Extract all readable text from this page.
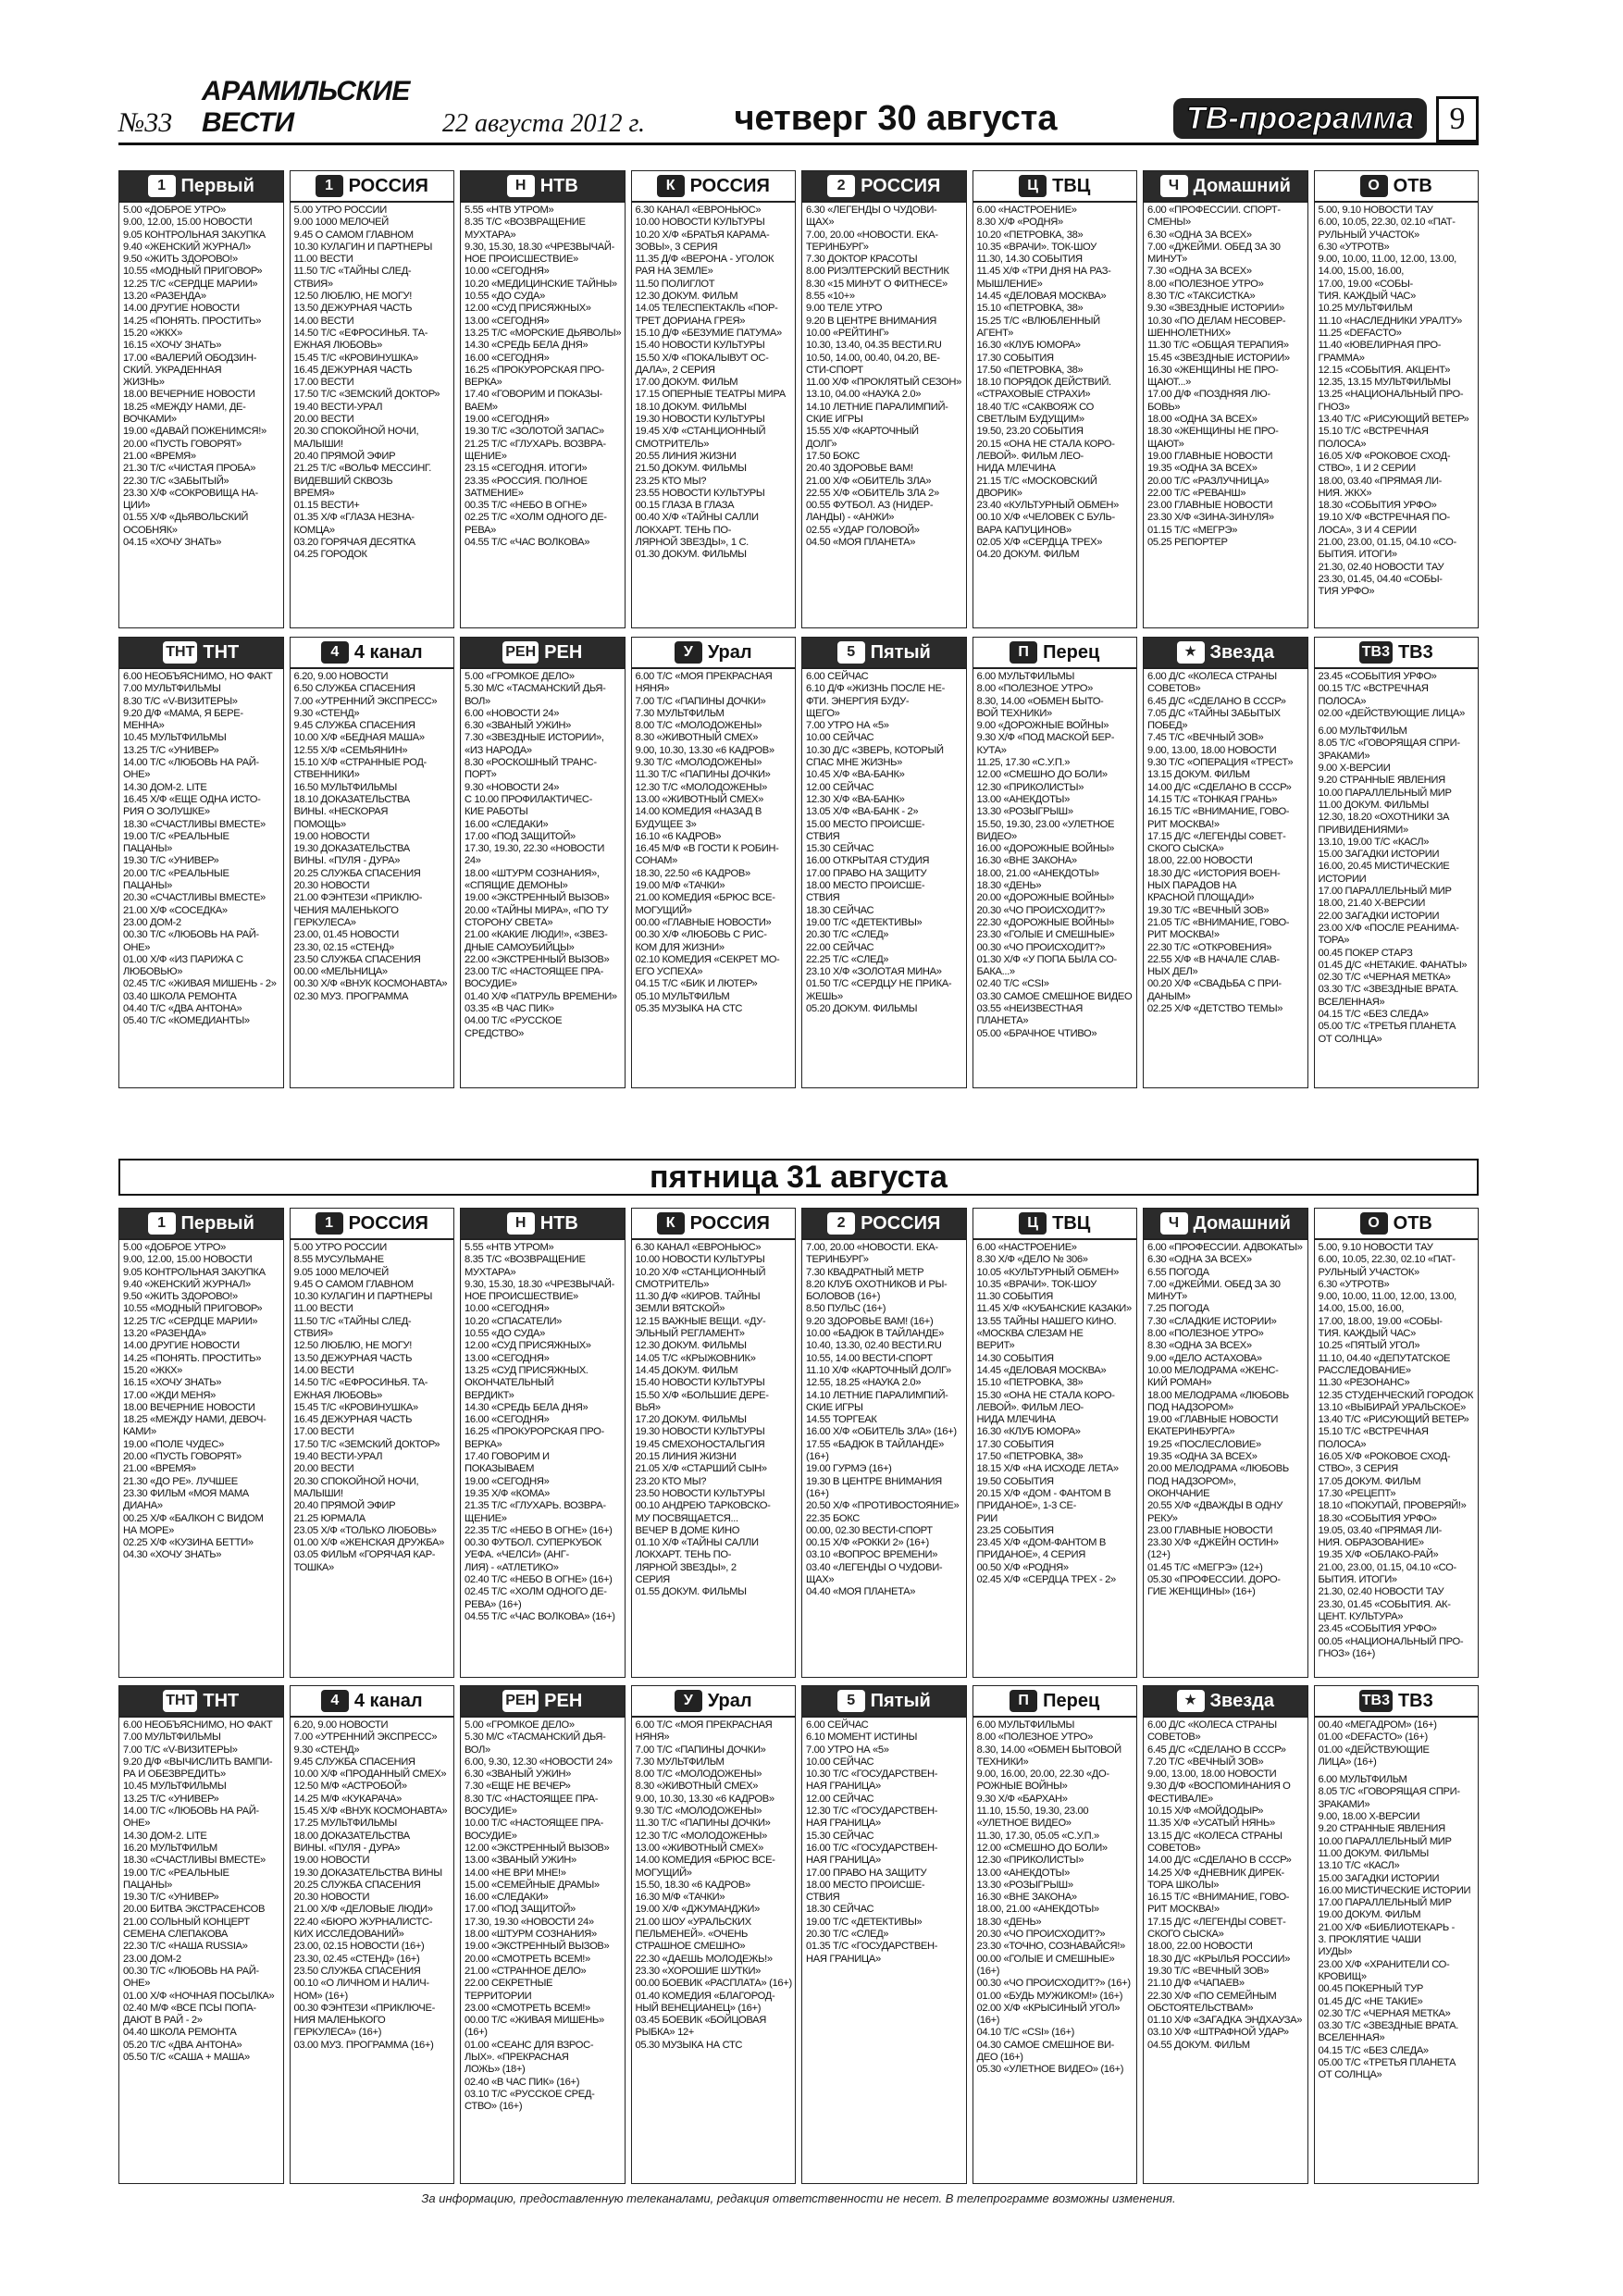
№33
АРАМИЛЬСКИЕ ВЕСТИ	22 августа 2012 г.	четверг 30 августа	ТВ-программа	9
1 Первый
5.00 «ДОБРОЕ УТРО»
9.00, 12.00, 15.00 НОВОСТИ
9.05 КОНТРОЛЬНАЯ ЗАКУПКА
9.40 «ЖЕНСКИЙ ЖУРНАЛ»
9.50 «ЖИТЬ ЗДОРОВО!»
10.55 «МОДНЫЙ ПРИГОВОР»
12.25 Т/С «СЕРДЦЕ МАРИИ»
13.20 «РАЗЕНДА»
14.00 ДРУГИЕ НОВОСТИ
14.25 «ПОНЯТЬ. ПРОСТИТЬ»
15.20 «ЖКХ»
16.15 «ХОЧУ ЗНАТЬ»
17.00 «ВАЛЕРИЙ ОБОДЗИН-
СКИЙ. УКРАДЕННАЯ
ЖИЗНЬ»
18.00 ВЕЧЕРНИЕ НОВОСТИ
18.25 «МЕЖДУ НАМИ, ДЕ-
ВОЧКАМИ»
19.00 «ДАВАЙ ПОЖЕНИМСЯ!»
20.00 «ПУСТЬ ГОВОРЯТ»
21.00 «ВРЕМЯ»
21.30 Т/С «ЧИСТАЯ ПРОБА»
22.30 Т/С «ЗАБЫТЫЙ»
23.30 Х/Ф «СОКРОВИЩА НА-
ЦИИ»
01.55 Х/Ф «ДЬЯВОЛЬСКИЙ
ОСОБНЯК»
04.15 «ХОЧУ ЗНАТЬ»
1 РОССИЯ
5.00 УТРО РОССИИ
9.00 1000 МЕЛОЧЕЙ
9.45 О САМОМ ГЛАВНОМ
10.30 КУЛАГИН И ПАРТНЕРЫ
11.00 ВЕСТИ
11.50 Т/С «ТАЙНЫ СЛЕД-
СТВИЯ»
12.50 ЛЮБЛЮ, НЕ МОГУ!
13.50 ДЕЖУРНАЯ ЧАСТЬ
14.00 ВЕСТИ
14.50 Т/С «ЕФРОСИНЬЯ. ТА-
ЕЖНАЯ ЛЮБОВЬ»
15.45 Т/С «КРОВИНУШКА»
16.45 ДЕЖУРНАЯ ЧАСТЬ
17.00 ВЕСТИ
17.50 Т/С «ЗЕМСКИЙ ДОКТОР»
19.40 ВЕСТИ-УРАЛ
20.00 ВЕСТИ
20.30 СПОКОЙНОЙ НОЧИ,
МАЛЫШИ!
20.40 ПРЯМОЙ ЭФИР
21.25 Т/С «ВОЛЬФ МЕССИНГ.
ВИДЕВШИЙ СКВОЗЬ
ВРЕМЯ»
01.15 ВЕСТИ+
01.35 Х/Ф «ГЛАЗА НЕЗНА-
КОМЦА»
03.20 ГОРЯЧАЯ ДЕСЯТКА
04.25 ГОРОДОК
Н НТВ
5.55 «НТВ УТРОМ»
8.35 Т/С «ВОЗВРАЩЕНИЕ
МУХТАРА»
9.30, 15.30, 18.30 «ЧРЕЗВЫЧАЙ-
НОЕ ПРОИСШЕСТВИЕ»
10.00 «СЕГОДНЯ»
10.20 «МЕДИЦИНСКИЕ ТАЙНЫ»
10.55 «ДО СУДА»
12.00 «СУД ПРИСЯЖНЫХ»
13.00 «СЕГОДНЯ»
13.25 Т/С «МОРСКИЕ ДЬЯВОЛЫ»
14.30 «СРЕДЬ БЕЛА ДНЯ»
16.00 «СЕГОДНЯ»
16.25 «ПРОКУРОРСКАЯ ПРО-
ВЕРКА»
17.40 «ГОВОРИМ И ПОКАЗЫ-
ВАЕМ»
19.00 «СЕГОДНЯ»
19.30 Т/С «ЗОЛОТОЙ ЗАПАС»
21.25 Т/С «ГЛУХАРЬ. ВОЗВРА-
ЩЕНИЕ»
23.15 «СЕГОДНЯ. ИТОГИ»
23.35 «РОССИЯ. ПОЛНОЕ
ЗАТМЕНИЕ»
00.35 Т/С «НЕБО В ОГНЕ»
02.25 Т/С «ХОЛМ ОДНОГО ДЕ-
РЕВА»
04.55 Т/С «ЧАС ВОЛКОВА»
К РОССИЯ
6.30 КАНАЛ «ЕВРОНЬЮС»
10.00 НОВОСТИ КУЛЬТУРЫ
10.20 Х/Ф «БРАТЬЯ КАРАМА-
ЗОВЫ», 3 СЕРИЯ
11.35 Д/Ф «ВЕРОНА - УГОЛОК
РАЯ НА ЗЕМЛЕ»
11.50 ПОЛИГЛОТ
12.30 ДОКУМ. ФИЛЬМ
14.05 ТЕЛЕСПЕКТАКЛЬ «ПОР-
ТРЕТ ДОРИАНА ГРЕЯ»
15.10 Д/Ф «БЕЗУМИЕ ПАТУМА»
15.40 НОВОСТИ КУЛЬТУРЫ
15.50 Х/Ф «ПОКАЛЫВУТ ОС-
ДАЛА», 2 СЕРИЯ
17.00 ДОКУМ. ФИЛЬМ
17.15 ОПЕРНЫЕ ТЕАТРЫ МИРА
18.10 ДОКУМ. ФИЛЬМЫ
19.30 НОВОСТИ КУЛЬТУРЫ
19.45 Х/Ф «СТАНЦИОННЫЙ
СМОТРИТЕЛЬ»
20.55 ЛИНИЯ ЖИЗНИ
21.50 ДОКУМ. ФИЛЬМЫ
23.25 КТО МЫ?
23.55 НОВОСТИ КУЛЬТУРЫ
00.15 ГЛАЗА В ГЛАЗА
00.40 Х/Ф «ТАЙНЫ САЛЛИ
ЛОКХАРТ. ТЕНЬ ПО-
ЛЯРНОЙ ЗВЕЗДЫ», 1 С.
01.30 ДОКУМ. ФИЛЬМЫ
2 РОССИЯ
6.30 «ЛЕГЕНДЫ О ЧУДОВИ-
ЩАХ»
7.00, 20.00 «НОВОСТИ. ЕКА-
ТЕРИНБУРГ»
7.30 ДОКТОР КРАСОТЫ
8.00 РИЭЛТЕРСКИЙ ВЕСТНИК
8.30 «15 МИНУТ О ФИТНЕСЕ»
8.55 «10+»
9.00 ТЕЛЕ УТРО
9.20 В ЦЕНТРЕ ВНИМАНИЯ
10.00 «РЕЙТИНГ»
10.30, 13.40, 04.35 ВЕСТИ.RU
10.50, 14.00, 00.40, 04.20, ВЕ-
СТИ-СПОРТ
11.00 Х/Ф «ПРОКЛЯТЫЙ СЕЗОН»
13.10, 04.00 «НАУКА 2.0»
14.10 ЛЕТНИЕ ПАРАЛИМПИЙ-
СКИЕ ИГРЫ
15.55 Х/Ф «КАРТОЧНЫЙ
ДОЛГ»
17.50 БОКС
20.40 ЗДОРОВЬЕ ВАМ!
21.00 Х/Ф «ОБИТЕЛЬ ЗЛА»
22.55 Х/Ф «ОБИТЕЛЬ ЗЛА 2»
00.55 ФУТБОЛ. АЗ (НИДЕР-
ЛАНДЫ) - «АНЖИ»
02.55 «УДАР ГОЛОВОЙ»
04.50 «МОЯ ПЛАНЕТА»
Ц ТВЦ
6.00 «НАСТРОЕНИЕ»
8.30 Х/Ф «РОДНЯ»
10.20 «ПЕТРОВКА, 38»
10.35 «ВРАЧИ». ТОК-ШОУ
11.30, 14.30 СОБЫТИЯ
11.45 Х/Ф «ТРИ ДНЯ НА РАЗ-
МЫШЛЕНИЕ»
14.45 «ДЕЛОВАЯ МОСКВА»
15.10 «ПЕТРОВКА, 38»
15.25 Т/С «ВЛЮБЛЕННЫЙ
АГЕНТ»
16.30 «КЛУБ ЮМОРА»
17.30 СОБЫТИЯ
17.50 «ПЕТРОВКА, 38»
18.10 ПОРЯДОК ДЕЙСТВИЙ.
«СТРАХОВЫЕ СТРАХИ»
18.40 Т/С «САКВОЯЖ СО
СВЕТЛЫМ БУДУЩИМ»
19.50, 23.20 СОБЫТИЯ
20.15 «ОНА НЕ СТАЛА КОРО-
ЛЕВОЙ». ФИЛЬМ ЛЕО-
НИДА МЛЕЧИНА
21.15 Т/С «МОСКОВСКИЙ
ДВОРИК»
23.40 «КУЛЬТУРНЫЙ ОБМЕН»
00.10 Х/Ф «ЧЕЛОВЕК С БУЛЬ-
ВАРА КАПУЦИНОВ»
02.05 Х/Ф «СЕРДЦА ТРЕХ»
04.20 ДОКУМ. ФИЛЬМ
Ч Домашний
6.00 «ПРОФЕССИИ. СПОРТ-
СМЕНЫ»
6.30 «ОДНА ЗА ВСЕХ»
7.00 «ДЖЕЙМИ. ОБЕД ЗА 30
МИНУТ»
7.30 «ОДНА ЗА ВСЕХ»
8.00 «ПОЛЕЗНОЕ УТРО»
8.30 Т/С «ТАКСИСТКА»
9.30 «ЗВЕЗДНЫЕ ИСТОРИИ»
10.30 «ПО ДЕЛАМ НЕСОВЕР-
ШЕННОЛЕТНИХ»
11.30 Т/С «ОБЩАЯ ТЕРАПИЯ»
15.45 «ЗВЕЗДНЫЕ ИСТОРИИ»
16.30 «ЖЕНЩИНЫ НЕ ПРО-
ЩАЮТ...»
17.00 Д/Ф «ПОЗДНЯЯ ЛЮ-
БОВЬ»
18.00 «ОДНА ЗА ВСЕХ»
18.30 «ЖЕНЩИНЫ НЕ ПРО-
ЩАЮТ»
19.00 ГЛАВНЫЕ НОВОСТИ
19.35 «ОДНА ЗА ВСЕХ»
20.00 Т/С «РАЗЛУЧНИЦА»
22.00 Т/С «РЕВАНШ»
23.00 ГЛАВНЫЕ НОВОСТИ
23.30 Х/Ф «ЗИНА-ЗИНУЛЯ»
01.15 Т/С «МЕГРЭ»
05.25 РЕПОРТЕР
О ОТВ
5.00, 9.10 НОВОСТИ ТАУ
6.00, 10.05, 22.30, 02.10 «ПАТ-
РУЛЬНЫЙ УЧАСТОК»
6.30 «УТРОТВ»
9.00, 10.00, 11.00, 12.00, 13.00,
14.00, 15.00, 16.00,
17.00, 19.00 «СОБЫ-
ТИЯ. КАЖДЫЙ ЧАС»
10.25 МУЛЬТФИЛЬМ
11.10 «НАСЛЕДНИКИ УРАЛТУ»
11.25 «DEFACTO»
11.40 «ЮВЕЛИРНАЯ ПРО-
ГРАММА»
12.15 «СОБЫТИЯ. АКЦЕНТ»
12.35, 13.15 МУЛЬТФИЛЬМЫ
13.25 «НАЦИОНАЛЬНЫЙ ПРО-
ГНОЗ»
13.40 Т/С «РИСУЮЩИЙ ВЕТЕР»
15.10 Т/С «ВСТРЕЧНАЯ ПОЛОСА»
16.05 Х/Ф «РОКОВОЕ СХОД-
СТВО», 1 И 2 СЕРИИ
18.00, 03.40 «ПРЯМАЯ ЛИ-
НИЯ. ЖКХ»
18.30 «СОБЫТИЯ УРФО»
19.10 Х/Ф «ВСТРЕЧНАЯ ПО-
ЛОСА», 3 И 4 СЕРИИ
21.00, 23.00, 01.15, 04.10 «СО-
БЫТИЯ. ИТОГИ»
21.30, 02.40 НОВОСТИ ТАУ
23.30, 01.45, 04.40 «СОБЫ-
ТИЯ УРФО»
ТНТ ТНТ
6.00 НЕОБЪЯСНИМО, НО ФАКТ
7.00 МУЛЬТФИЛЬМЫ
8.30 Т/С «V-ВИЗИТЕРЫ»
9.20 Д/Ф «МАМА, Я БЕРЕ-
МЕННА»
10.45 МУЛЬТФИЛЬМЫ
13.25 Т/С «УНИВЕР»
14.00 Т/С «ЛЮБОВЬ НА РАЙ-
ОНЕ»
14.30 ДОМ-2. LITE
16.45 Х/Ф «ЕЩЕ ОДНА ИСТО-
РИЯ О ЗОЛУШКЕ»
18.30 «СЧАСТЛИВЫ ВМЕСТЕ»
19.00 Т/С «РЕАЛЬНЫЕ ПАЦАНЫ»
19.30 Т/С «УНИВЕР»
20.00 Т/С «РЕАЛЬНЫЕ ПАЦАНЫ»
20.30 «СЧАСТЛИВЫ ВМЕСТЕ»
21.00 Х/Ф «СОСЕДКА»
23.00 ДОМ-2
00.30 Т/С «ЛЮБОВЬ НА РАЙ-
ОНЕ»
01.00 Х/Ф «ИЗ ПАРИЖА С
ЛЮБОВЬЮ»
02.45 Т/С «ЖИВАЯ МИШЕНЬ - 2»
03.40 ШКОЛА РЕМОНТА
04.40 Т/С «ДВА АНТОНА»
05.40 Т/С «КОМЕДИАНТЫ»
4 4 канал
6.20, 9.00 НОВОСТИ
6.50 СЛУЖБА СПАСЕНИЯ
7.00 «УТРЕННИЙ ЭКСПРЕСС»
9.30 «СТЕНД»
9.45 СЛУЖБА СПАСЕНИЯ
10.00 Х/Ф «БЕДНАЯ МАША»
12.55 Х/Ф «СЕМЬЯНИН»
15.10 Х/Ф «СТРАННЫЕ РОД-
СТВЕННИКИ»
16.50 МУЛЬТФИЛЬМЫ
18.10 ДОКАЗАТЕЛЬСТВА
ВИНЫ. «НЕСКОРАЯ
ПОМОЩЬ»
19.00 НОВОСТИ
19.30 ДОКАЗАТЕЛЬСТВА
ВИНЫ. «ПУЛЯ - ДУРА»
20.25 СЛУЖБА СПАСЕНИЯ
20.30 НОВОСТИ
21.00 ФЭНТЕЗИ «ПРИКЛЮ-
ЧЕНИЯ МАЛЕНЬКОГО
ГЕРКУЛЕСА»
23.00, 01.45 НОВОСТИ
23.30, 02.15 «СТЕНД»
23.50 СЛУЖБА СПАСЕНИЯ
00.00 «МЕЛЬНИЦА»
00.30 Х/Ф «ВНУК КОСМОНАВТА»
02.30 МУЗ. ПРОГРАММА
РЕН РЕН
5.00 «ГРОМКОЕ ДЕЛО»
5.30 М/С «ТАСМАНСКИЙ ДЬЯ-
ВОЛ»
6.00 «НОВОСТИ 24»
6.30 «ЗВАНЫЙ УЖИН»
7.30 «ЗВЕЗДНЫЕ ИСТОРИИ»,
«ИЗ НАРОДА»
8.30 «РОСКОШНЫЙ ТРАНС-
ПОРТ»
9.30 «НОВОСТИ 24»
C 10.00 ПРОФИЛАКТИЧЕС-
КИЕ РАБОТЫ
16.00 «СЛЕДАКИ»
17.00 «ПОД ЗАЩИТОЙ»
17.30, 19.30, 22.30 «НОВОСТИ 24»
18.00 «ШТУРМ СОЗНАНИЯ»,
«СПЯЩИЕ ДЕМОНЫ»
19.00 «ЭКСТРЕННЫЙ ВЫЗОВ»
20.00 «ТАЙНЫ МИРА», «ПО ТУ
СТОРОНУ СВЕТА»
21.00 «КАКИЕ ЛЮДИ!», «ЗВЕЗ-
ДНЫЕ САМОУБИЙЦЫ»
22.00 «ЭКСТРЕННЫЙ ВЫЗОВ»
23.00 Т/С «НАСТОЯЩЕЕ ПРА-
ВОСУДИЕ»
01.40 Х/Ф «ПАТРУЛЬ ВРЕМЕНИ»
03.35 «В ЧАС ПИК»
04.00 Т/С «РУССКОЕ СРЕДСТВО»
У Урал
6.00 Т/С «МОЯ ПРЕКРАСНАЯ
НЯНЯ»
7.00 Т/С «ПАПИНЫ ДОЧКИ»
7.30 МУЛЬТФИЛЬМ
8.00 Т/С «МОЛОДОЖЕНЫ»
8.30 «ЖИВОТНЫЙ СМЕХ»
9.00, 10.30, 13.30 «6 КАДРОВ»
9.30 Т/С «МОЛОДОЖЕНЫ»
11.30 Т/С «ПАПИНЫ ДОЧКИ»
12.30 Т/С «МОЛОДОЖЕНЫ»
13.00 «ЖИВОТНЫЙ СМЕХ»
14.00 КОМЕДИЯ «НАЗАД В
БУДУЩЕЕ 3»
16.10 «6 КАДРОВ»
16.45 М/Ф «В ГОСТИ К РОБИН-
СОНАМ»
18.30, 22.50 «6 КАДРОВ»
19.00 М/Ф «ТАЧКИ»
21.00 КОМЕДИЯ «БРЮС ВСЕ-
МОГУЩИЙ»
00.00 «ГЛАВНЫЕ НОВОСТИ»
00.30 Х/Ф «ЛЮБОВЬ С РИС-
КОМ ДЛЯ ЖИЗНИ»
02.10 КОМЕДИЯ «СЕКРЕТ МО-
ЕГО УСПЕХА»
04.15 Т/С «БИК И ЛЮТЕР»
05.10 МУЛЬТФИЛЬМ
05.35 МУЗЫКА НА СТС
5 Пятый
6.00 СЕЙЧАС
6.10 Д/Ф «ЖИЗНЬ ПОСЛЕ НЕ-
ФТИ. ЭНЕРГИЯ БУДУ-
ЩЕГО»
7.00 УТРО НА «5»
10.00 СЕЙЧАС
10.30 Д/С «ЗВЕРЬ, КОТОРЫЙ
СПАС МНЕ ЖИЗНЬ»
10.45 Х/Ф «ВА-БАНК»
12.00 СЕЙЧАС
12.30 Х/Ф «ВА-БАНК»
13.05 Х/Ф «ВА-БАНК - 2»
15.00 МЕСТО ПРОИСШЕ-
СТВИЯ
15.30 СЕЙЧАС
16.00 ОТКРЫТАЯ СТУДИЯ
17.00 ПРАВО НА ЗАЩИТУ
18.00 МЕСТО ПРОИСШЕ-
СТВИЯ
18.30 СЕЙЧАС
19.00 Т/С «ДЕТЕКТИВЫ»
20.30 Т/С «СЛЕД»
22.00 СЕЙЧАС
22.25 Т/С «СЛЕД»
23.10 Х/Ф «ЗОЛОТАЯ МИНА»
01.50 Т/С «СЕРДЦУ НЕ ПРИКА-
ЖЕШЬ»
05.20 ДОКУМ. ФИЛЬМЫ
П Перец
6.00 МУЛЬТФИЛЬМЫ
8.00 «ПОЛЕЗНОЕ УТРО»
8.30, 14.00 «ОБМЕН БЫТО-
ВОЙ ТЕХНИКИ»
9.00 «ДОРОЖНЫЕ ВОЙНЫ»
9.30 Х/Ф «ПОД МАСКОЙ БЕР-
КУТА»
11.25, 17.30 «С.У.П.»
12.00 «СМЕШНО ДО БОЛИ»
12.30 «ПРИКОЛИСТЫ»
13.00 «АНЕКДОТЫ»
13.30 «РОЗЫГРЫШ»
15.50, 19.30, 23.00 «УЛЕТНОЕ
ВИДЕО»
16.00 «ДОРОЖНЫЕ ВОЙНЫ»
16.30 «ВНЕ ЗАКОНА»
18.00, 21.00 «АНЕКДОТЫ»
18.30 «ДЕНЬ»
20.00 «ДОРОЖНЫЕ ВОЙНЫ»
20.30 «ЧО ПРОИСХОДИТ?»
22.30 «ДОРОЖНЫЕ ВОЙНЫ»
23.30 «ГОЛЫЕ И СМЕШНЫЕ»
00.30 «ЧО ПРОИСХОДИТ?»
01.30 Х/Ф «У ПОПА БЫЛА СО-
БАКА...»
02.40 Т/С «CSI»
03.30 САМОЕ СМЕШНОЕ ВИДЕО
03.55 «НЕИЗВЕСТНАЯ ПЛАНЕТА»
05.00 «БРАЧНОЕ ЧТИВО»
★ Звезда
6.00 Д/С «КОЛЕСА СТРАНЫ
СОВЕТОВ»
6.45 Д/С «СДЕЛАНО В СССР»
7.05 Д/С «ТАЙНЫ ЗАБЫТЫХ
ПОБЕД»
7.45 Т/С «ВЕЧНЫЙ ЗОВ»
9.00, 13.00, 18.00 НОВОСТИ
9.30 Т/С «ОПЕРАЦИЯ «ТРЕСТ»
13.15 ДОКУМ. ФИЛЬМ
14.00 Д/С «СДЕЛАНО В СССР»
14.15 Т/С «ТОНКАЯ ГРАНЬ»
16.15 Т/С «ВНИМАНИЕ, ГОВО-
РИТ МОСКВА!»
17.15 Д/С «ЛЕГЕНДЫ СОВЕТ-
СКОГО СЫСКА»
18.00, 22.00 НОВОСТИ
18.30 Д/С «ИСТОРИЯ ВОЕН-
НЫХ ПАРАДОВ НА
КРАСНОЙ ПЛОЩАДИ»
19.30 Т/С «ВЕЧНЫЙ ЗОВ»
21.05 Т/С «ВНИМАНИЕ, ГОВО-
РИТ МОСКВА!»
22.30 Т/С «ОТКРОВЕНИЯ»
22.55 Х/Ф «В НАЧАЛЕ СЛАВ-
НЫХ ДЕЛ»
00.20 Х/Ф «СВАДЬБА С ПРИ-
ДАНЫМ»
02.25 Х/Ф «ДЕТСТВО ТЕМЫ»
ТВ3 ТВ3
23.45 «СОБЫТИЯ УРФО»
00.15 Т/С «ВСТРЕЧНАЯ ПОЛОСА»
02.00 «ДЕЙСТВУЮЩИЕ ЛИЦА»
6.00 МУЛЬТФИЛЬМ
8.05 Т/С «ГОВОРЯЩАЯ СПРИ-
ЗРАКАМИ»
9.00 Х-ВЕРСИИ
9.20 СТРАННЫЕ ЯВЛЕНИЯ
10.00 ПАРАЛЛЕЛЬНЫЙ МИР
11.00 ДОКУМ. ФИЛЬМЫ
12.30, 18.20 «ОХОТНИКИ ЗА
ПРИВИДЕНИЯМИ»
13.10, 19.00 Т/С «КАСЛ»
15.00 ЗАГАДКИ ИСТОРИИ
16.00, 20.45 МИСТИЧЕСКИЕ
ИСТОРИИ
17.00 ПАРАЛЛЕЛЬНЫЙ МИР
18.00, 21.40 Х-ВЕРСИИ
22.00 ЗАГАДКИ ИСТОРИИ
23.00 Х/Ф «ПОСЛЕ РЕАНИМА-
ТОРА»
00.45 ПОКЕР СТАРЗ
01.45 Д/С «НЕТАКИЕ. ФАНАТЫ»
02.30 Т/С «ЧЕРНАЯ МЕТКА»
03.30 Т/С «ЗВЕЗДНЫЕ ВРАТА.
ВСЕЛЕННАЯ»
04.15 Т/С «БЕЗ СЛЕДА»
05.00 Т/С «ТРЕТЬЯ ПЛАНЕТА
ОТ СОЛНЦА»
пятница 31 августа
1 Первый
5.00 «ДОБРОЕ УТРО»
9.00, 12.00, 15.00 НОВОСТИ
9.05 КОНТРОЛЬНАЯ ЗАКУПКА
9.40 «ЖЕНСКИЙ ЖУРНАЛ»
9.50 «ЖИТЬ ЗДОРОВО!»
10.55 «МОДНЫЙ ПРИГОВОР»
12.25 Т/С «СЕРДЦЕ МАРИИ»
13.20 «РАЗЕНДА»
14.00 ДРУГИЕ НОВОСТИ
14.25 «ПОНЯТЬ. ПРОСТИТЬ»
15.20 «ЖКХ»
16.15 «ХОЧУ ЗНАТЬ»
17.00 «ЖДИ МЕНЯ»
18.00 ВЕЧЕРНИЕ НОВОСТИ
18.25 «МЕЖДУ НАМИ, ДЕВОЧ-
КАМИ»
19.00 «ПОЛЕ ЧУДЕС»
20.00 «ПУСТЬ ГОВОРЯТ»
21.00 «ВРЕМЯ»
21.30 «ДО РЕ». ЛУЧШЕЕ
23.30 ФИЛЬМ «МОЯ МАМА
ДИАНА»
00.25 Х/Ф «БАЛКОН С ВИДОМ
НА МОРЕ»
02.25 Х/Ф «КУЗИНА БЕТТИ»
04.30 «ХОЧУ ЗНАТЬ»
1 РОССИЯ
5.00 УТРО РОССИИ
8.55 МУСУЛЬМАНЕ
9.05 1000 МЕЛОЧЕЙ
9.45 О САМОМ ГЛАВНОМ
10.30 КУЛАГИН И ПАРТНЕРЫ
11.00 ВЕСТИ
11.50 Т/С «ТАЙНЫ СЛЕД-
СТВИЯ»
12.50 ЛЮБЛЮ, НЕ МОГУ!
13.50 ДЕЖУРНАЯ ЧАСТЬ
14.00 ВЕСТИ
14.50 Т/С «ЕФРОСИНЬЯ. ТА-
ЕЖНАЯ ЛЮБОВЬ»
15.45 Т/С «КРОВИНУШКА»
16.45 ДЕЖУРНАЯ ЧАСТЬ
17.00 ВЕСТИ
17.50 Т/С «ЗЕМСКИЙ ДОКТОР»
19.40 ВЕСТИ-УРАЛ
20.00 ВЕСТИ
20.30 СПОКОЙНОЙ НОЧИ,
МАЛЫШИ!
20.40 ПРЯМОЙ ЭФИР
21.25 ЮРМАЛА
23.05 Х/Ф «ТОЛЬКО ЛЮБОВЬ»
01.00 Х/Ф «ЖЕНСКАЯ ДРУЖБА»
03.05 ФИЛЬМ «ГОРЯЧАЯ КАР-
ТОШКА»
Н НТВ
5.55 «НТВ УТРОМ»
8.35 Т/С «ВОЗВРАЩЕНИЕ
МУХТАРА»
9.30, 15.30, 18.30 «ЧРЕЗВЫЧАЙ-
НОЕ ПРОИСШЕСТВИЕ»
10.00 «СЕГОДНЯ»
10.20 «СПАСАТЕЛИ»
10.55 «ДО СУДА»
12.00 «СУД ПРИСЯЖНЫХ»
13.00 «СЕГОДНЯ»
13.25 «СУД ПРИСЯЖНЫХ.
ОКОНЧАТЕЛЬНЫЙ
ВЕРДИКТ»
14.30 «СРЕДЬ БЕЛА ДНЯ»
16.00 «СЕГОДНЯ»
16.25 «ПРОКУРОРСКАЯ ПРО-
ВЕРКА»
17.40 ГОВОРИМ И ПОКАЗЫВАЕМ
19.00 «СЕГОДНЯ»
19.35 Х/Ф «КОМА»
21.35 Т/С «ГЛУХАРЬ. ВОЗВРА-
ЩЕНИЕ»
22.35 Т/С «НЕБО В ОГНЕ» (16+)
00.30 ФУТБОЛ. СУПЕРКУБОК
УЕФА. «ЧЕЛСИ» (АНГ-
ЛИЯ) - «АТЛЕТИКО»
02.40 Т/С «НЕБО В ОГНЕ» (16+)
02.45 Т/С «ХОЛМ ОДНОГО ДЕ-
РЕВА» (16+)
04.55 Т/С «ЧАС ВОЛКОВА» (16+)
К РОССИЯ
6.30 КАНАЛ «ЕВРОНЬЮС»
10.00 НОВОСТИ КУЛЬТУРЫ
10.20 Х/Ф «СТАНЦИОННЫЙ
СМОТРИТЕЛЬ»
11.30 Д/Ф «КИРОВ. ТАЙНЫ
ЗЕМЛИ ВЯТСКОЙ»
12.15 ВАЖНЫЕ ВЕЩИ. «ДУ-
ЭЛЬНЫЙ РЕГЛАМЕНТ»
12.30 ДОКУМ. ФИЛЬМЫ
14.05 Т/С «КРЫЖОВНИК»
14.45 ДОКУМ. ФИЛЬМ
15.40 НОВОСТИ КУЛЬТУРЫ
15.50 Х/Ф «БОЛЬШИЕ ДЕРЕ-
ВЬЯ»
17.20 ДОКУМ. ФИЛЬМЫ
19.30 НОВОСТИ КУЛЬТУРЫ
19.45 СМЕХОНОСТАЛЬГИЯ
20.15 ЛИНИЯ ЖИЗНИ
21.05 Х/Ф «СТАРШИЙ СЫН»
23.20 КТО МЫ?
23.50 НОВОСТИ КУЛЬТУРЫ
00.10 АНДРЕЮ ТАРКОВСКО-
МУ ПОСВЯЩАЕТСЯ...
ВЕЧЕР В ДОМЕ КИНО
01.10 Х/Ф «ТАЙНЫ САЛЛИ
ЛОКХАРТ. ТЕНЬ ПО-
ЛЯРНОЙ ЗВЕЗДЫ», 2
СЕРИЯ
01.55 ДОКУМ. ФИЛЬМЫ
2 РОССИЯ
7.00, 20.00 «НОВОСТИ. ЕКА-
ТЕРИНБУРГ»
7.30 КВАДРАТНЫЙ МЕТР
8.20 КЛУБ ОХОТНИКОВ И РЫ-
БОЛОВОВ (16+)
8.50 ПУЛЬС (16+)
9.20 ЗДОРОВЬЕ ВАМ! (16+)
10.00 «БАДЮК В ТАЙЛАНДЕ»
10.40, 13.30, 02.40 ВЕСТИ.RU
10.55, 14.00 ВЕСТИ-СПОРТ
11.10 Х/Ф «КАРТОЧНЫЙ ДОЛГ»
12.55, 18.25 «НАУКА 2.0»
14.10 ЛЕТНИЕ ПАРАЛИМПИЙ-
СКИЕ ИГРЫ
14.55 ТОРГЕАК
16.00 Х/Ф «ОБИТЕЛЬ ЗЛА» (16+)
17.55 «БАДЮК В ТАЙЛАНДЕ» (16+)
19.00 ГУРМЭ (16+)
19.30 В ЦЕНТРЕ ВНИМАНИЯ
(16+)
20.50 Х/Ф «ПРОТИВОСТОЯНИЕ»
22.35 БОКС
00.00, 02.30 ВЕСТИ-СПОРТ
00.15 Х/Ф «РОККИ 2» (16+)
03.10 «ВОПРОС ВРЕМЕНИ»
03.40 «ЛЕГЕНДЫ О ЧУДОВИ-
ЩАХ»
04.40 «МОЯ ПЛАНЕТА»
Ц ТВЦ
6.00 «НАСТРОЕНИЕ»
8.30 Х/Ф «ДЕЛО № 306»
10.05 «КУЛЬТУРНЫЙ ОБМЕН»
10.35 «ВРАЧИ». ТОК-ШОУ
11.30 СОБЫТИЯ
11.45 Х/Ф «КУБАНСКИЕ КАЗАКИ»
13.55 ТАЙНЫ НАШЕГО КИНО.
«МОСКВА СЛЕЗАМ НЕ
ВЕРИТ»
14.30 СОБЫТИЯ
14.45 «ДЕЛОВАЯ МОСКВА»
15.10 «ПЕТРОВКА, 38»
15.30 «ОНА НЕ СТАЛА КОРО-
ЛЕВОЙ». ФИЛЬМ ЛЕО-
НИДА МЛЕЧИНА
16.30 «КЛУБ ЮМОРА»
17.30 СОБЫТИЯ
17.50 «ПЕТРОВКА, 38»
18.15 Х/Ф «НА ИСХОДЕ ЛЕТА»
19.50 СОБЫТИЯ
20.15 Х/Ф «ДОМ - ФАНТОМ В
ПРИДАНОЕ», 1-3 СЕ-
РИИ
23.25 СОБЫТИЯ
23.45 Х/Ф «ДОМ-ФАНТОМ В
ПРИДАНОЕ», 4 СЕРИЯ
00.50 Х/Ф «РОДНЯ»
02.45 Х/Ф «СЕРДЦА ТРЕХ - 2»
Ч Домашний
6.00 «ПРОФЕССИИ. АДВОКАТЫ»
6.30 «ОДНА ЗА ВСЕХ»
6.55 ПОГОДА
7.00 «ДЖЕЙМИ. ОБЕД ЗА 30
МИНУТ»
7.25 ПОГОДА
7.30 «СЛАДКИЕ ИСТОРИИ»
8.00 «ПОЛЕЗНОЕ УТРО»
8.30 «ОДНА ЗА ВСЕХ»
9.00 «ДЕЛО АСТАХОВА»
10.00 МЕЛОДРАМА «ЖЕНС-
КИЙ РОМАН»
18.00 МЕЛОДРАМА «ЛЮБОВЬ
ПОД НАДЗОРОМ»
19.00 «ГЛАВНЫЕ НОВОСТИ
ЕКАТЕРИНБУРГА»
19.25 «ПОСЛЕСЛОВИЕ»
19.35 «ОДНА ЗА ВСЕХ»
20.00 МЕЛОДРАМА «ЛЮБОВЬ
ПОД НАДЗОРОМ»,
ОКОНЧАНИЕ
20.55 Х/Ф «ДВАЖДЫ В ОДНУ
РЕКУ»
23.00 ГЛАВНЫЕ НОВОСТИ
23.30 Х/Ф «ДЖЕЙН ОСТИН»
(12+)
01.45 Т/С «МЕГРЭ» (12+)
05.30 «ПРОФЕССИИ. ДОРО-
ГИЕ ЖЕНЩИНЫ» (16+)
О ОТВ
5.00, 9.10 НОВОСТИ ТАУ
6.00, 10.05, 22.30, 02.10 «ПАТ-
РУЛЬНЫЙ УЧАСТОК»
6.30 «УТРОТВ»
9.00, 10.00, 11.00, 12.00, 13.00,
14.00, 15.00, 16.00,
17.00, 18.00, 19.00 «СОБЫ-
ТИЯ. КАЖДЫЙ ЧАС»
10.25 «ПЯТЫЙ УГОЛ»
11.10, 04.40 «ДЕПУТАТСКОЕ
РАССЛЕДОВАНИЕ»
11.30 «РЕЗОНАНС»
12.35 СТУДЕНЧЕСКИЙ ГОРОДОК
13.10 «ВЫБИРАЙ УРАЛЬСКОЕ»
13.40 Т/С «РИСУЮЩИЙ ВЕТЕР»
15.10 Т/С «ВСТРЕЧНАЯ ПОЛОСА»
16.05 Х/Ф «РОКОВОЕ СХОД-
СТВО», 3 СЕРИЯ
17.05 ДОКУМ. ФИЛЬМ
17.30 «РЕЦЕПТ»
18.10 «ПОКУПАЙ, ПРОВЕРЯЙ!»
18.30 «СОБЫТИЯ УРФО»
19.05, 03.40 «ПРЯМАЯ ЛИ-
НИЯ. ОБРАЗОВАНИЕ»
19.35 Х/Ф «ОБЛАКО-РАЙ»
21.00, 23.00, 01.15, 04.10 «СО-
БЫТИЯ. ИТОГИ»
21.30, 02.40 НОВОСТИ ТАУ
23.30, 01.45 «СОБЫТИЯ. АК-
ЦЕНТ. КУЛЬТУРА»
23.45 «СОБЫТИЯ УРФО»
00.05 «НАЦИОНАЛЬНЫЙ ПРО-
ГНОЗ» (16+)
ТНТ ТНТ
6.00 НЕОБЪЯСНИМО, НО ФАКТ
7.00 МУЛЬТФИЛЬМЫ
7.00 Т/С «V-ВИЗИТЕРЫ»
9.20 Д/Ф «ВЫЧИСЛИТЬ ВАМПИ-
РА И ОБЕЗВРЕДИТЬ»
10.45 МУЛЬТФИЛЬМЫ
13.25 Т/С «УНИВЕР»
14.00 Т/С «ЛЮБОВЬ НА РАЙ-
ОНЕ»
14.30 ДОМ-2. LITE
16.20 МУЛЬТФИЛЬМ
18.30 «СЧАСТЛИВЫ ВМЕСТЕ»
19.00 Т/С «РЕАЛЬНЫЕ ПАЦАНЫ»
19.30 Т/С «УНИВЕР»
20.00 БИТВА ЭКСТРАСЕНСОВ
21.00 СОЛЬНЫЙ КОНЦЕРТ
СЕМЕНА СЛЕПАКОВА
22.30 Т/С «НАША RUSSIA»
23.00 ДОМ-2
00.30 Т/С «ЛЮБОВЬ НА РАЙ-
ОНЕ»
01.00 Х/Ф «НОЧНАЯ ПОСЫЛКА»
02.40 М/Ф «ВСЕ ПСЫ ПОПА-
ДАЮТ В РАЙ - 2»
04.40 ШКОЛА РЕМОНТА
05.20 Т/С «ДВА АНТОНА»
05.50 Т/С «САША + МАША»
4 4 канал
6.20, 9.00 НОВОСТИ
7.00 «УТРЕННИЙ ЭКСПРЕСС»
9.30 «СТЕНД»
9.45 СЛУЖБА СПАСЕНИЯ
10.00 Х/Ф «ПРОДАННЫЙ СМЕХ»
12.50 М/Ф «АСТРОБОЙ»
14.25 М/Ф «КУКАРАЧА»
15.45 Х/Ф «ВНУК КОСМОНАВТА»
17.25 МУЛЬТФИЛЬМЫ
18.00 ДОКАЗАТЕЛЬСТВА
ВИНЫ. «ПУЛЯ - ДУРА»
19.00 НОВОСТИ
19.30 ДОКАЗАТЕЛЬСТВА ВИНЫ
20.25 СЛУЖБА СПАСЕНИЯ
20.30 НОВОСТИ
21.00 Х/Ф «ДЕЛОВЫЕ ЛЮДИ»
22.40 «БЮРО ЖУРНАЛИСТС-
КИХ ИССЛЕДОВАНИЙ»
23.00, 02.15 НОВОСТИ (16+)
23.30, 02.45 «СТЕНД» (16+)
23.50 СЛУЖБА СПАСЕНИЯ
00.10 «О ЛИЧНОМ И НАЛИЧ-
НОМ» (16+)
00.30 ФЭНТЕЗИ «ПРИКЛЮЧЕ-
НИЯ МАЛЕНЬКОГО
ГЕРКУЛЕСА» (16+)
03.00 МУЗ. ПРОГРАММА (16+)
РЕН РЕН
5.00 «ГРОМКОЕ ДЕЛО»
5.30 М/С «ТАСМАНСКИЙ ДЬЯ-
ВОЛ»
6.00, 9.30, 12.30 «НОВОСТИ 24»
6.30 «ЗВАНЫЙ УЖИН»
7.30 «ЕЩЕ НЕ ВЕЧЕР»
8.30 Т/С «НАСТОЯЩЕЕ ПРА-
ВОСУДИЕ»
10.00 Т/С «НАСТОЯЩЕЕ ПРА-
ВОСУДИЕ»
12.00 «ЭКСТРЕННЫЙ ВЫЗОВ»
13.00 «ЗВАНЫЙ УЖИН»
14.00 «НЕ ВРИ МНЕ!»
15.00 «СЕМЕЙНЫЕ ДРАМЫ»
16.00 «СЛЕДАКИ»
17.00 «ПОД ЗАЩИТОЙ»
17.30, 19.30 «НОВОСТИ 24»
18.00 «ШТУРМ СОЗНАНИЯ»
19.00 «ЭКСТРЕННЫЙ ВЫЗОВ»
20.00 «СМОТРЕТЬ ВСЕМ!»
21.00 «СТРАННОЕ ДЕЛО»
22.00 СЕКРЕТНЫЕ ТЕРРИТОРИИ
23.00 «СМОТРЕТЬ ВСЕМ!»
00.00 Т/С «ЖИВАЯ МИШЕНЬ»
(16+)
01.00 «СЕАНС ДЛЯ ВЗРОС-
ЛЫХ». «ПРЕКРАСНАЯ
ЛОЖЬ» (18+)
02.40 «В ЧАС ПИК» (16+)
03.10 Т/С «РУССКОЕ СРЕД-
СТВО» (16+)
У Урал
6.00 Т/С «МОЯ ПРЕКРАСНАЯ
НЯНЯ»
7.00 Т/С «ПАПИНЫ ДОЧКИ»
7.30 МУЛЬТФИЛЬМ
8.00 Т/С «МОЛОДОЖЕНЫ»
8.30 «ЖИВОТНЫЙ СМЕХ»
9.00, 10.30, 13.30 «6 КАДРОВ»
9.30 Т/С «МОЛОДОЖЕНЫ»
11.30 Т/С «ПАПИНЫ ДОЧКИ»
12.30 Т/С «МОЛОДОЖЕНЫ»
13.00 «ЖИВОТНЫЙ СМЕХ»
14.00 КОМЕДИЯ «БРЮС ВСЕ-
МОГУЩИЙ»
15.50, 18.30 «6 КАДРОВ»
16.30 М/Ф «ТАЧКИ»
19.00 Х/Ф «ДЖУМАНДЖИ»
21.00 ШОУ «УРАЛЬСКИХ
ПЕЛЬМЕНЕЙ». «ОЧЕНЬ
СТРАШНОЕ СМЕШНО»
22.30 «ДАЕШЬ МОЛОДЕЖЬ!»
23.30 «ХОРОШИЕ ШУТКИ»
00.00 БОЕВИК «РАСПЛАТА» (16+)
01.40 КОМЕДИЯ «БЛАГОРОД-
НЫЙ ВЕНЕЦИАНЕЦ» (16+)
03.45 БОЕВИК «БОЙЦОВАЯ
РЫБКА» 12+
05.30 МУЗЫКА НА СТС
5 Пятый
6.00 СЕЙЧАС
6.10 МОМЕНТ ИСТИНЫ
7.00 УТРО НА «5»
10.00 СЕЙЧАС
10.30 Т/С «ГОСУДАРСТВЕН-
НАЯ ГРАНИЦА»
12.00 СЕЙЧАС
12.30 Т/С «ГОСУДАРСТВЕН-
НАЯ ГРАНИЦА»
15.30 СЕЙЧАС
16.00 Т/С «ГОСУДАРСТВЕН-
НАЯ ГРАНИЦА»
17.00 ПРАВО НА ЗАЩИТУ
18.00 МЕСТО ПРОИСШЕ-
СТВИЯ
18.30 СЕЙЧАС
19.00 Т/С «ДЕТЕКТИВЫ»
20.30 Т/С «СЛЕД»
01.35 Т/С «ГОСУДАРСТВЕН-
НАЯ ГРАНИЦА»
П Перец
6.00 МУЛЬТФИЛЬМЫ
8.00 «ПОЛЕЗНОЕ УТРО»
8.30, 14.00 «ОБМЕН БЫТОВОЙ
ТЕХНИКИ»
9.00, 16.00, 20.00, 22.30 «ДО-
РОЖНЫЕ ВОЙНЫ»
9.30 Х/Ф «БАРХАН»
11.10, 15.50, 19.30, 23.00
«УЛЕТНОЕ ВИДЕО»
11.30, 17.30, 05.05 «С.У.П.»
12.00 «СМЕШНО ДО БОЛИ»
12.30 «ПРИКОЛИСТЫ»
13.00 «АНЕКДОТЫ»
13.30 «РОЗЫГРЫШ»
16.30 «ВНЕ ЗАКОНА»
18.00, 21.00 «АНЕКДОТЫ»
18.30 «ДЕНЬ»
20.30 «ЧО ПРОИСХОДИТ?»
23.30 «ТОЧНО, СОЗНАВАЙСЯ!»
00.00 «ГОЛЫЕ И СМЕШНЫЕ»
(16+)
00.30 «ЧО ПРОИСХОДИТ?» (16+)
01.00 «БУДЬ МУЖИКОМ!» (16+)
02.00 Х/Ф «КРЫСИНЫЙ УГОЛ»
(16+)
04.10 Т/С «CSI» (16+)
04.30 САМОЕ СМЕШНОЕ ВИ-
ДЕО (16+)
05.30 «УЛЕТНОЕ ВИДЕО» (16+)
★ Звезда
6.00 Д/С «КОЛЕСА СТРАНЫ
СОВЕТОВ»
6.45 Д/С «СДЕЛАНО В СССР»
7.20 Т/С «ВЕЧНЫЙ ЗОВ»
9.00, 13.00, 18.00 НОВОСТИ
9.30 Д/Ф «ВОСПОМИНАНИЯ О
ФЕСТИВАЛЕ»
10.15 Х/Ф «МОЙДОДЫР»
11.35 Х/Ф «УСАТЫЙ НЯНЬ»
13.15 Д/С «КОЛЕСА СТРАНЫ
СОВЕТОВ»
14.00 Д/С «СДЕЛАНО В СССР»
14.25 Х/Ф «ДНЕВНИК ДИРЕК-
ТОРА ШКОЛЫ»
16.15 Т/С «ВНИМАНИЕ, ГОВО-
РИТ МОСКВА!»
17.15 Д/С «ЛЕГЕНДЫ СОВЕТ-
СКОГО СЫСКА»
18.00, 22.00 НОВОСТИ
18.30 Д/С «КРЫЛЬЯ РОССИИ»
19.30 Т/С «ВЕЧНЫЙ ЗОВ»
21.10 Д/Ф «ЧАПАЕВ»
22.30 Х/Ф «ПО СЕМЕЙНЫМ
ОБСТОЯТЕЛЬСТВАМ»
01.10 Х/Ф «ЗАГАДКА ЭНДХАУЗА»
03.10 Х/Ф «ШТРАФНОЙ УДАР»
04.55 ДОКУМ. ФИЛЬМ
ТВ3 ТВ3
00.40 «МЕГАДРОМ» (16+)
01.00 «DEFACTO» (16+)
01.00 «ДЕЙСТВУЮЩИЕ
ЛИЦА» (16+)
6.00 МУЛЬТФИЛЬМ
8.05 Т/С «ГОВОРЯЩАЯ СПРИ-
ЗРАКАМИ»
9.00, 18.00 Х-ВЕРСИИ
9.20 СТРАННЫЕ ЯВЛЕНИЯ
10.00 ПАРАЛЛЕЛЬНЫЙ МИР
11.00 ДОКУМ. ФИЛЬМЫ
13.10 Т/С «КАСЛ»
15.00 ЗАГАДКИ ИСТОРИИ
16.00 МИСТИЧЕСКИЕ ИСТОРИИ
17.00 ПАРАЛЛЕЛЬНЫЙ МИР
19.00 ДОКУМ. ФИЛЬМ
21.00 Х/Ф «БИБЛИОТЕКАРЬ -
3. ПРОКЛЯТИЕ ЧАШИ
ИУДЫ»
23.00 Х/Ф «ХРАНИТЕЛИ СО-
КРОВИЩ»
00.45 ПОКЕРНЫЙ ТУР
01.45 Д/С «НЕ ТАКИЕ»
02.30 Т/С «ЧЕРНАЯ МЕТКА»
03.30 Т/С «ЗВЕЗДНЫЕ ВРАТА.
ВСЕЛЕННАЯ»
04.15 Т/С «БЕЗ СЛЕДА»
05.00 Т/С «ТРЕТЬЯ ПЛАНЕТА
ОТ СОЛНЦА»
За информацию, предоставленную телеканалами, редакция ответственности не несет. В телепрограмме возможны изменения.
